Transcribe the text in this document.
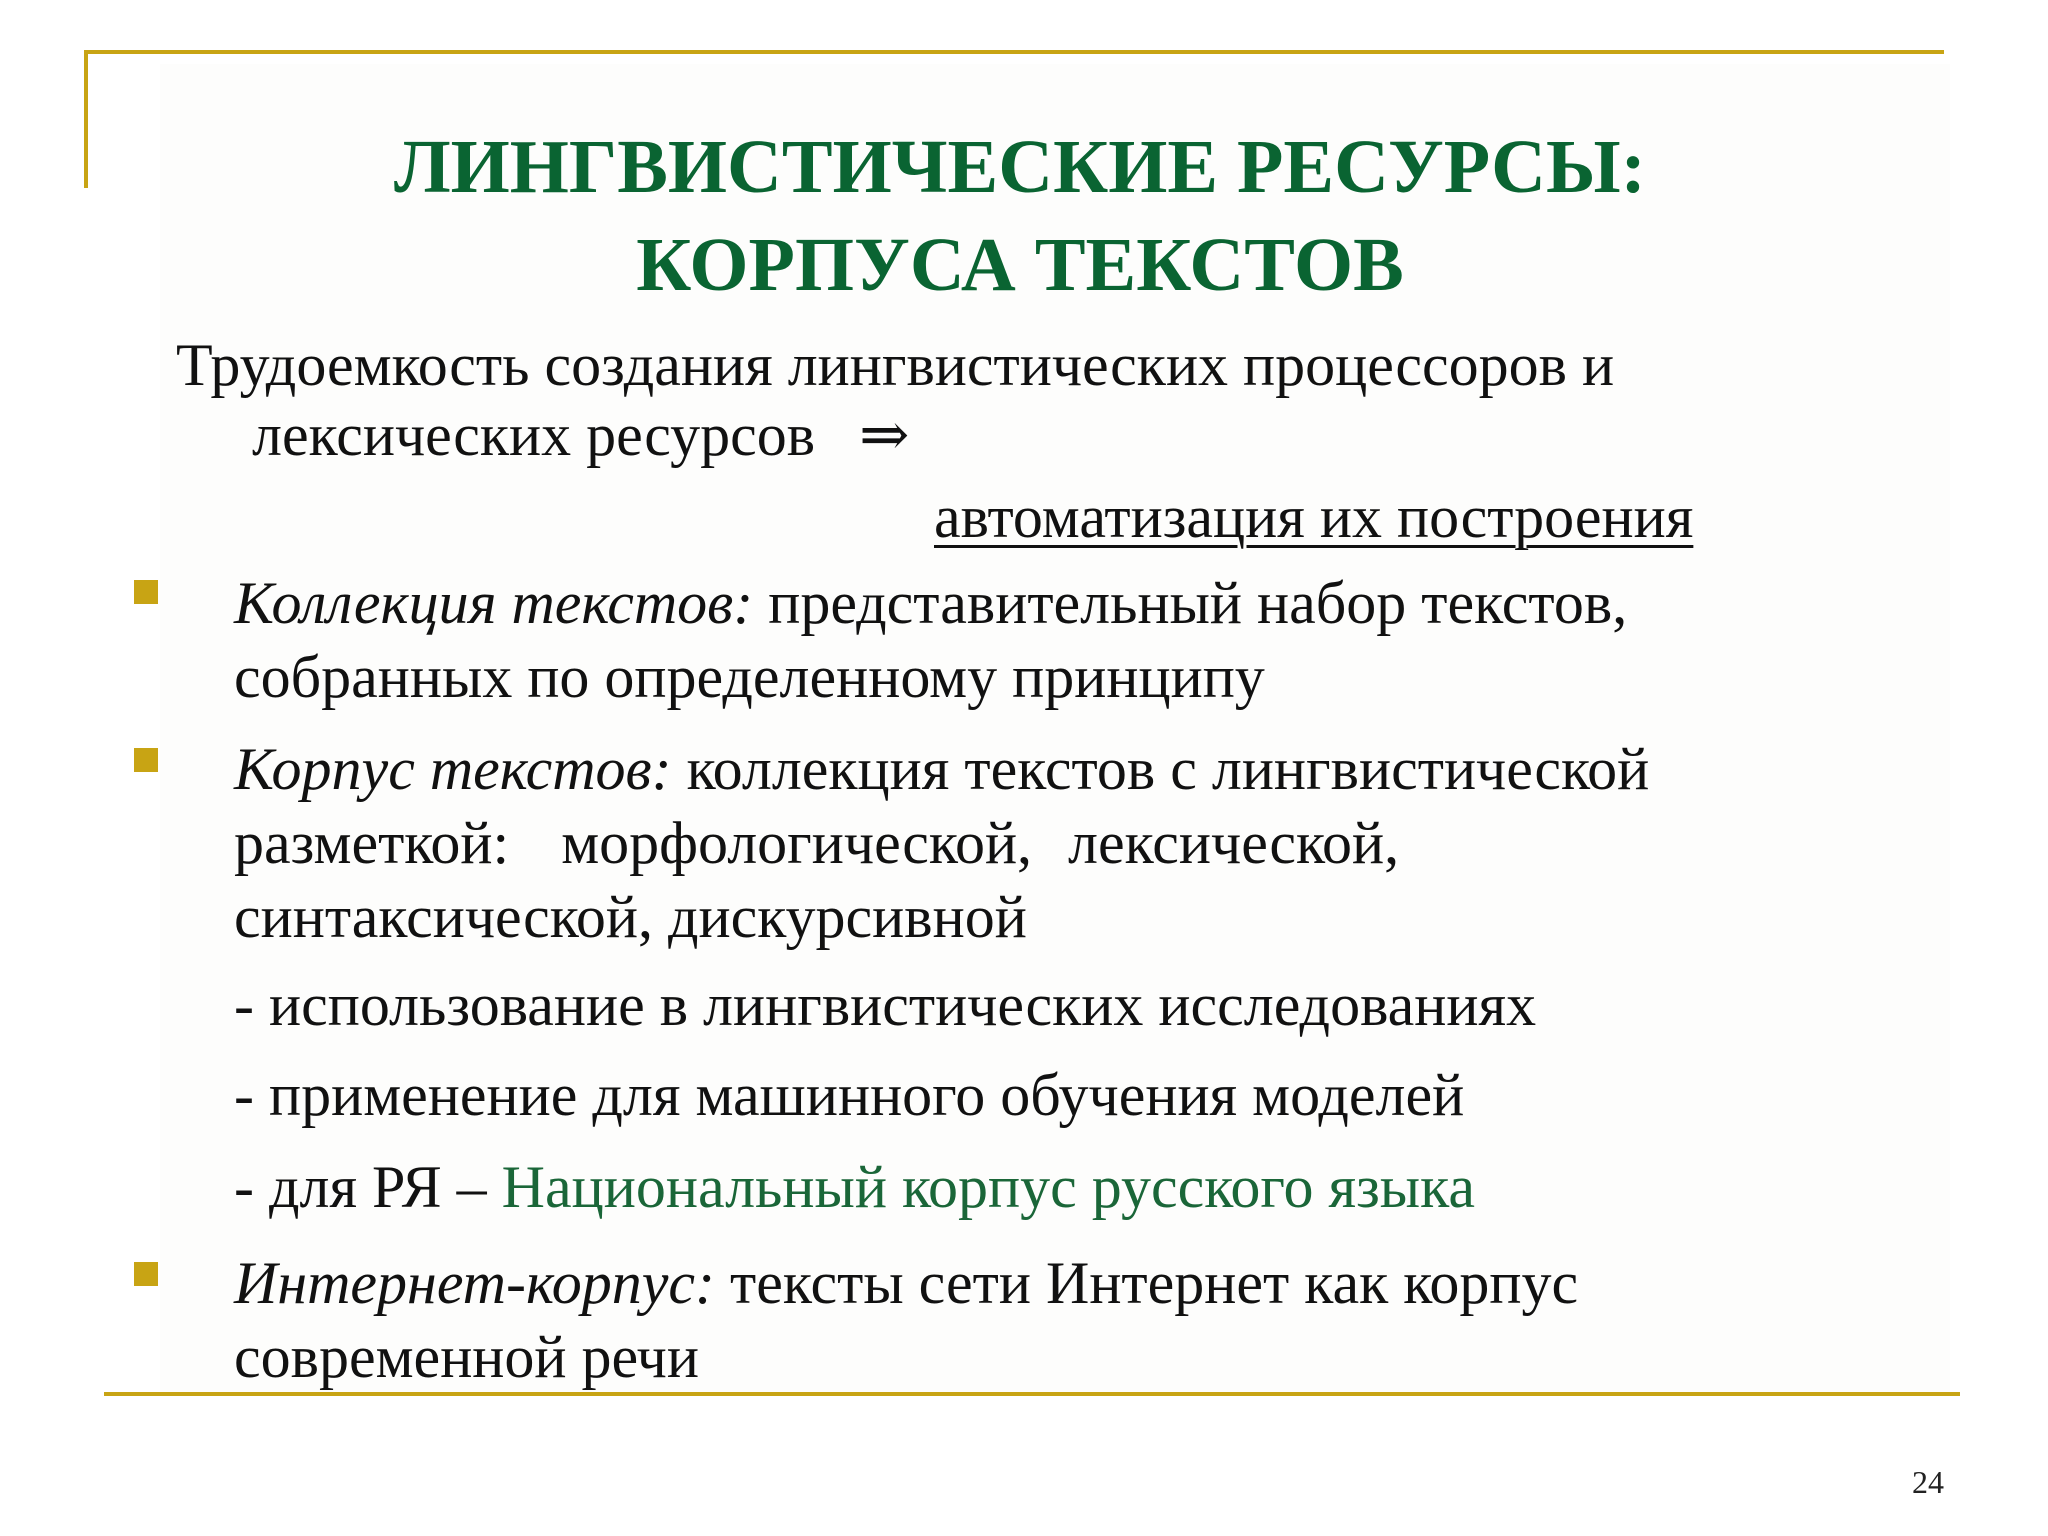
ЛИНГВИСТИЧЕСКИЕ РЕСУРСЫ:
КОРПУСА ТЕКСТОВ
Трудоемкость создания лингвистических процессоров и
лексических ресурсов ⇒
автоматизация их построения
Коллекция текстов: представительный набор текстов,
собранных по определенному принципу
Корпус текстов: коллекция текстов с лингвистической
разметкой: морфологической, лексической,
синтаксической, дискурсивной
- использование в лингвистических исследованиях
- применение для машинного обучения моделей
- для РЯ – Национальный корпус русского языка
Интернет-корпус: тексты сети Интернет как корпус
современной речи
24
